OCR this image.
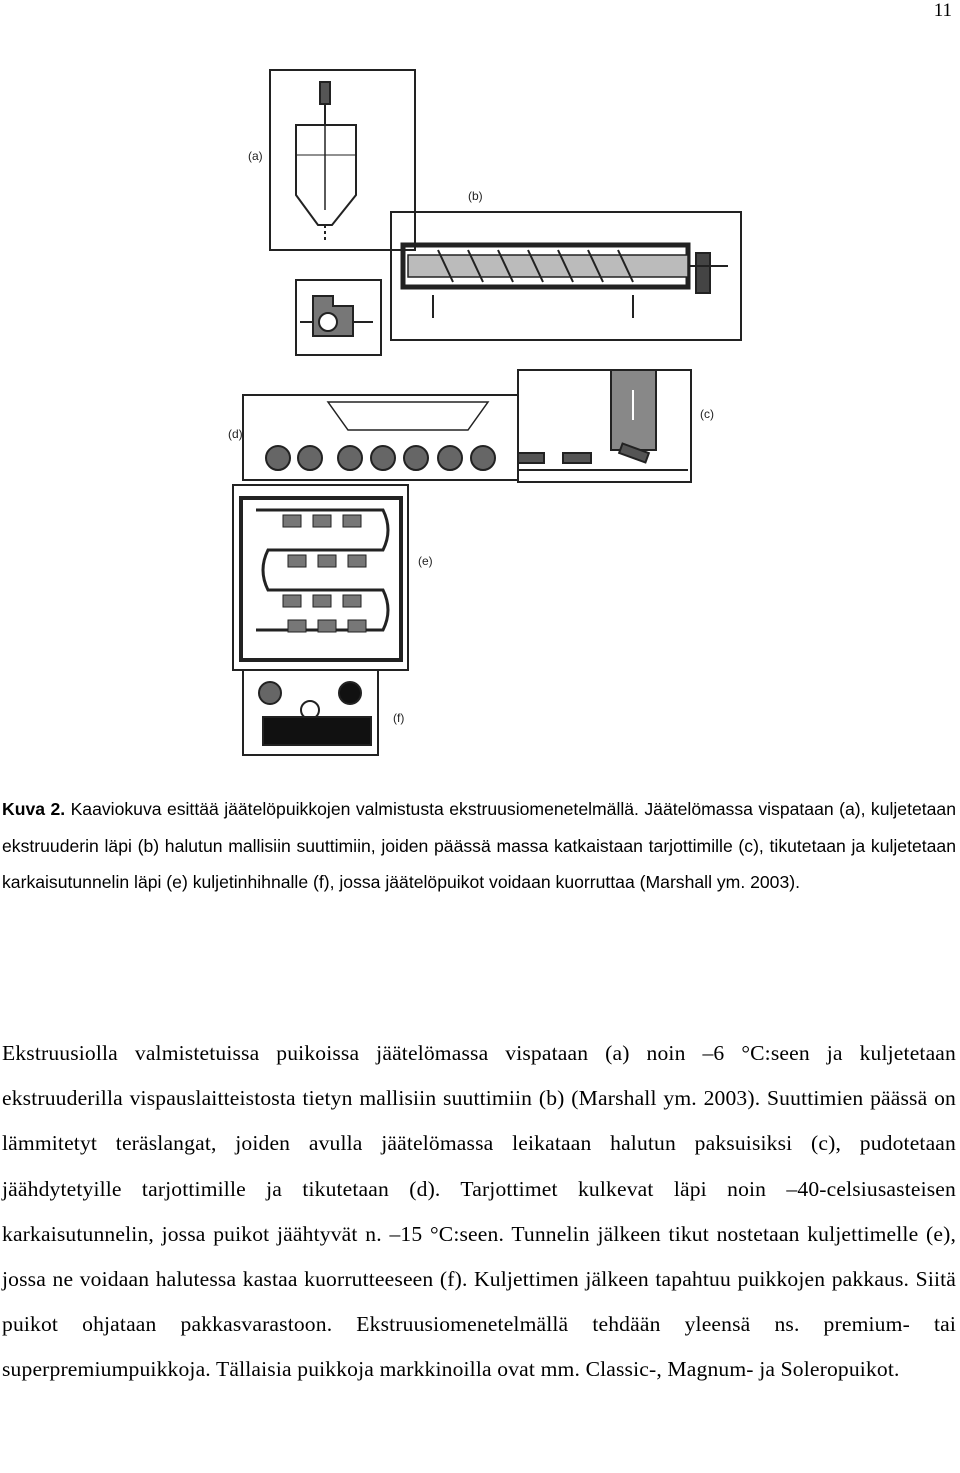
11
(a)
(b)
(c)
(d)
(e)
(f)
Kuva 2. Kaaviokuva esittää jäätelöpuikkojen valmistusta ekstruusiomenetelmällä. Jäätelömassa vispataan (a), kuljetetaan ekstruuderin läpi (b) halutun mallisiin suuttimiin, joiden päässä massa katkaistaan tarjottimille (c), tikutetaan ja kuljetetaan karkaisutunnelin läpi (e) kuljetinhihnalle (f), jossa jäätelöpuikot voidaan kuorruttaa (Marshall ym. 2003).
Ekstruusiolla valmistetuissa puikoissa jäätelömassa vispataan (a) noin –6 °C:seen ja kuljetetaan ekstruuderilla vispauslaitteistosta tietyn mallisiin suuttimiin (b) (Marshall ym. 2003). Suuttimien päässä on lämmitetyt teräslangat, joiden avulla jäätelömassa leikataan halutun paksuisiksi (c), pudotetaan jäähdytetyille tarjottimille ja tikutetaan (d). Tarjottimet kulkevat läpi noin –40-celsiusasteisen karkaisutunnelin, jossa puikot jäähtyvät n. –15 °C:seen. Tunnelin jälkeen tikut nostetaan kuljettimelle (e), jossa ne voidaan halutessa kastaa kuorrutteeseen (f). Kuljettimen jälkeen tapahtuu puikkojen pakkaus. Siitä puikot ohjataan pakkasvarastoon. Ekstruusiomenetelmällä tehdään yleensä ns. premium- tai superpremiumpuikkoja. Tällaisia puikkoja markkinoilla ovat mm. Classic-, Magnum- ja Soleropuikot.
